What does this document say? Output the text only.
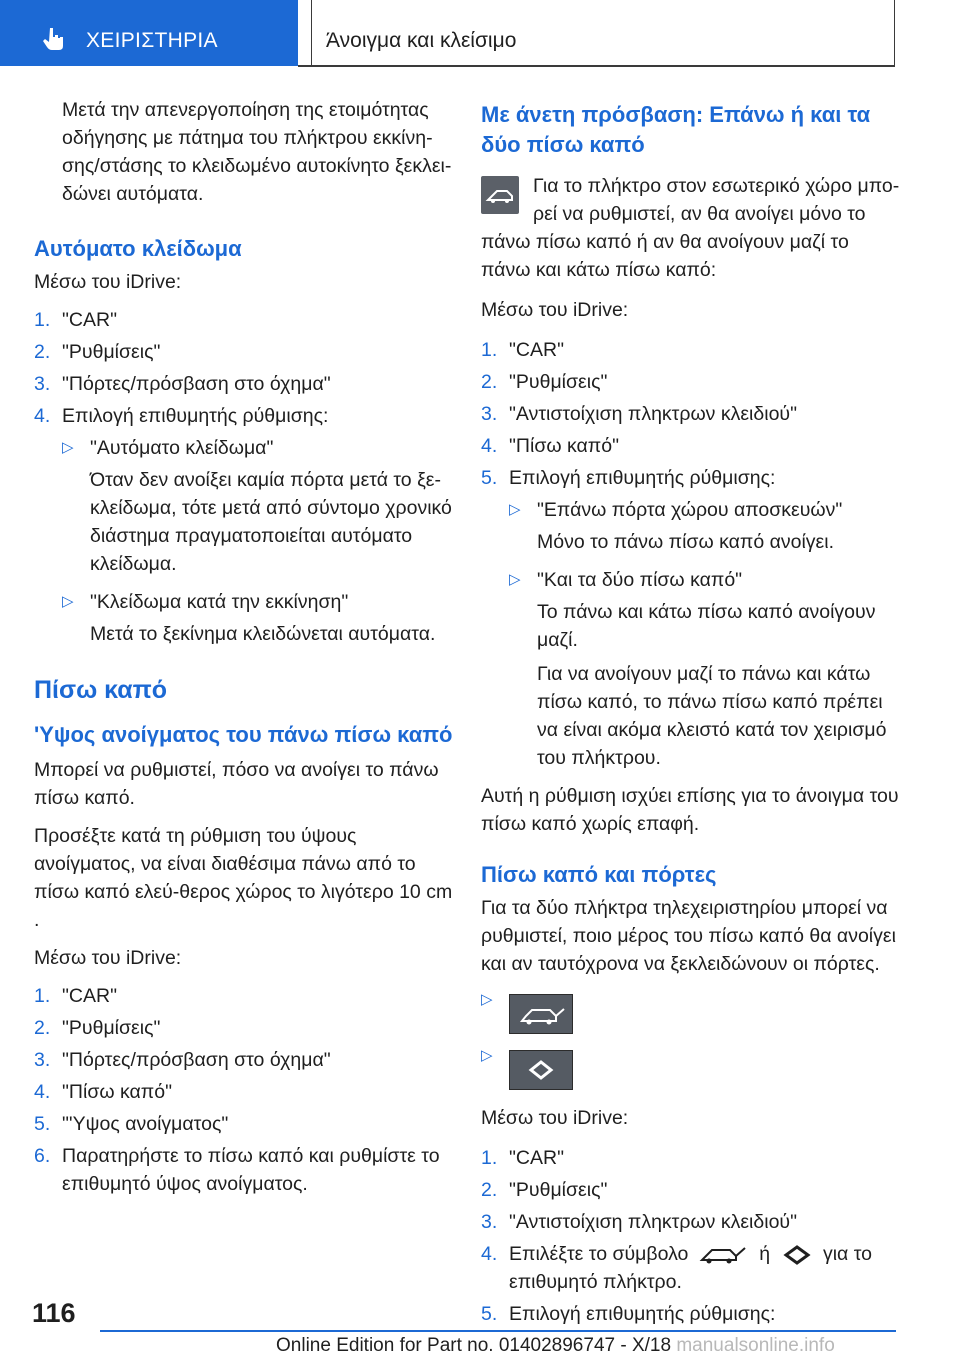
ΧΕΙΡΙΣΤΗΡΙΑ	Άνοιγμα και κλείσιμο

Μετά την απενεργοποίηση της ετοιμότητας οδήγησης με πάτημα του πλήκτρου εκκίνη-σης/στάσης το κλειδωμένο αυτοκίνητο ξεκλει-δώνει αυτόματα.

Αυτόματο κλείδωμα

Μέσω του iDrive:

1. "CAR"
2. "Ρυθμίσεις"
3. "Πόρτες/πρόσβαση στο όχημα"
4. Επιλογή επιθυμητής ρύθμισης:
▷ "Αυτόματο κλείδωμα"

Όταν δεν ανοίξει καμία πόρτα μετά το ξε-κλείδωμα, τότε μετά από σύντομο χρονικό διάστημα πραγματοποιείται αυτόματο κλείδωμα.

▷ "Κλείδωμα κατά την εκκίνηση"

Μετά το ξεκίνημα κλειδώνεται αυτόματα.

Πίσω καπό
'Υψος ανοίγματος του πάνω πίσω καπό

Μπορεί να ρυθμιστεί, πόσο να ανοίγει το πάνω πίσω καπό.

Προσέξτε κατά τη ρύθμιση του ύψους ανοίγματος, να είναι διαθέσιμα πάνω από το πίσω καπό ελεύ-θερος χώρος το λιγότερο 10 cm .

Μέσω του iDrive:

1. "CAR"
2. "Ρυθμίσεις"
3. "Πόρτες/πρόσβαση στο όχημα"
4. "Πίσω καπό"
5. "'Υψος ανοίγματος"
6. Παρατηρήστε το πίσω καπό και ρυθμίστε το επιθυμητό ύψος ανοίγματος.
Με άνετη πρόσβαση: Επάνω ή και τα δύο πίσω καπό

Για το πλήκτρο στον εσωτερικό χώρο μπο-ρεί να ρυθμιστεί, αν θα ανοίγει μόνο το πάνω πίσω καπό ή αν θα ανοίγουν μαζί το πάνω και κάτω πίσω καπό:

Μέσω του iDrive:

1. "CAR"
2. "Ρυθμίσεις"
3. "Αντιστοίχιση πληκτρων κλειδιού"
4. "Πίσω καπό"
5. Επιλογή επιθυμητής ρύθμισης:
▷ "Επάνω πόρτα χώρου αποσκευών"

Μόνο το πάνω πίσω καπό ανοίγει.

▷ "Και τα δύο πίσω καπό"

Το πάνω και κάτω πίσω καπό ανοίγουν μαζί.

Για να ανοίγουν μαζί το πάνω και κάτω πίσω καπό, το πάνω πίσω καπό πρέπει να είναι ακόμα κλειστό κατά τον χειρισμό του πλήκτρου.

Αυτή η ρύθμιση ισχύει επίσης για το άνοιγμα του πίσω καπό χωρίς επαφή.

Πίσω καπό και πόρτες

Για τα δύο πλήκτρα τηλεχειριστηρίου μπορεί να ρυθμιστεί, ποιο μέρος του πίσω καπό θα ανοίγει και αν ταυτόχρονα να ξεκλειδώνουν οι πόρτες.

▷
▷

Μέσω του iDrive:

1. "CAR"
2. "Ρυθμίσεις"
3. "Αντιστοίχιση πληκτρων κλειδιού"
4. Επιλέξτε το σύμβολο	ή	για το
επιθυμητό πλήκτρο.
5. Επιλογή επιθυμητής ρύθμισης:
116
Online Edition for Part no. 01402896747 - X/18 manualsonline.info
